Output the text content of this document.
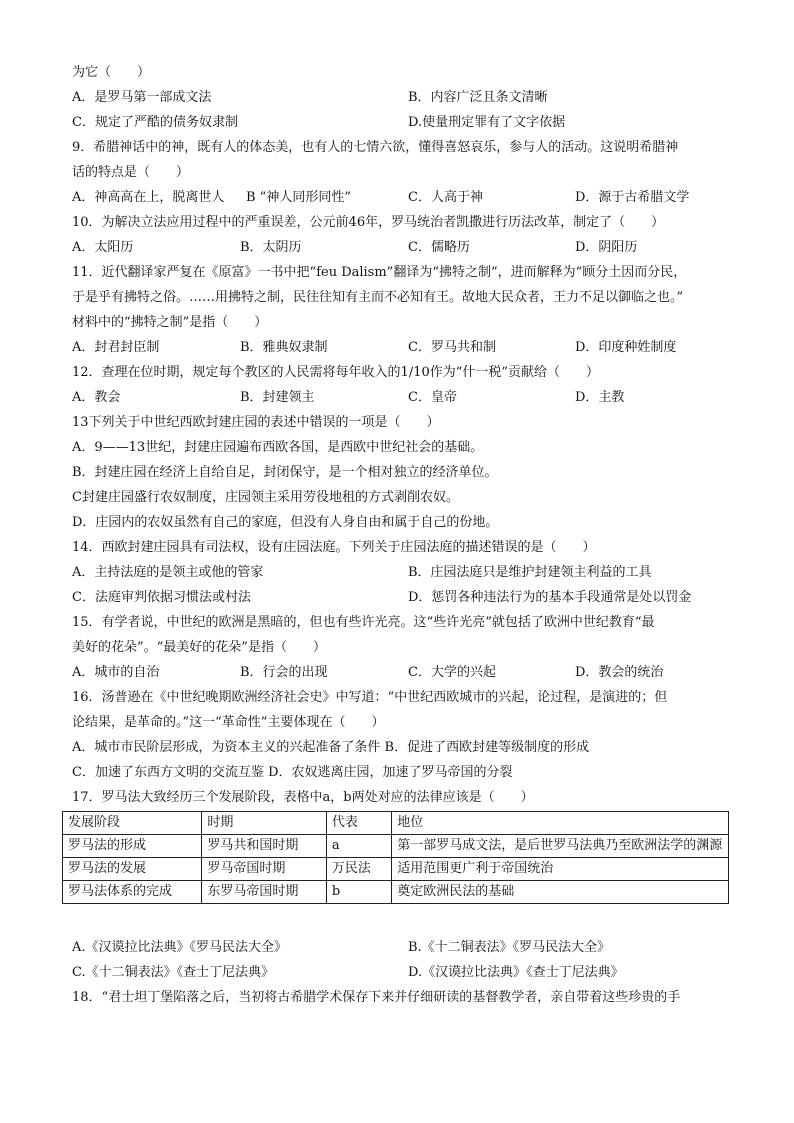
为它（　　）
A．是罗马第一部成文法	B．内容广泛且条文清晰
C．规定了严酷的债务奴隶制	D.使量刑定罪有了文字依据
9．希腊神话中的神，既有人的体态美，也有人的七情六欲，懂得喜怒哀乐，参与人的活动。这说明希腊神
话的特点是（　　）
A．神高高在上，脱离世人 B “神人同形同性”	C．人高于神	D．源于古希腊文学
10．为解决立法应用过程中的严重误差，公元前46年，罗马统治者凯撒进行历法改革，制定了（　　）
A．太阳历	B．太阴历	C．儒略历	D．阴阳历
11．近代翻译家严复在《原富》一书中把“feu Dalism”翻译为“拂特之制”，进而解释为“顾分土因而分民，
于是乎有拂特之俗。……用拂特之制，民往往知有主而不必知有王。故地大民众者，王力不足以御临之也。”
材料中的“拂特之制”是指（　　）
A．封君封臣制	B．雅典奴隶制	C．罗马共和制	D．印度种姓制度
12．查理在位时期，规定每个教区的人民需将每年收入的1/10作为“什一税”贡献给（　　）
A．教会	B．封建领主	C．皇帝	D．主教
13下列关于中世纪西欧封建庄园的表述中错误的一项是（　　）
A．9——13世纪，封建庄园遍布西欧各国，是西欧中世纪社会的基础。
B．封建庄园在经济上自给自足，封闭保守，是一个相对独立的经济单位。
C封建庄园盛行农奴制度，庄园领主采用劳役地租的方式剥削农奴。
D．庄园内的农奴虽然有自己的家庭，但没有人身自由和属于自己的份地。
14．西欧封建庄园具有司法权，设有庄园法庭。下列关于庄园法庭的描述错误的是（　　）
A．主持法庭的是领主或他的管家	B．庄园法庭只是维护封建领主利益的工具
C．法庭审判依据习惯法或村法	D．惩罚各种违法行为的基本手段通常是处以罚金
15．有学者说，中世纪的欧洲是黑暗的，但也有些许光亮。这“些许光亮”就包括了欧洲中世纪教育“最
美好的花朵”。“最美好的花朵”是指（　　）
A．城市的自治	B．行会的出现	C．大学的兴起	D．教会的统治
16．汤普逊在《中世纪晚期欧洲经济社会史》中写道：“中世纪西欧城市的兴起，论过程，是演进的；但
论结果，是革命的。”这一“革命性”主要体现在（　　）
A．城市市民阶层形成，为资本主义的兴起准备了条件 B．促进了西欧封建等级制度的形成
C．加速了东西方文明的交流互鉴 D．农奴逃离庄园，加速了罗马帝国的分裂
17．罗马法大致经历三个发展阶段，表格中a，b两处对应的法律应该是（　　）
发展阶段	时期	代表	地位
罗马法的形成	罗马共和国时期	a	第一部罗马成文法，是后世罗马法典乃至欧洲法学的渊源
罗马法的发展	罗马帝国时期	万民法	适用范围更广利于帝国统治
罗马法体系的完成	东罗马帝国时期	b	奠定欧洲民法的基础
A.《汉谟拉比法典》《罗马民法大全》	B.《十二铜表法》《罗马民法大全》
C.《十二铜表法》《查士丁尼法典》	D.《汉谟拉比法典》《查士丁尼法典》
18．“君士坦丁堡陷落之后，当初将古希腊学术保存下来并仔细研读的基督教学者，亲自带着这些珍贵的手
